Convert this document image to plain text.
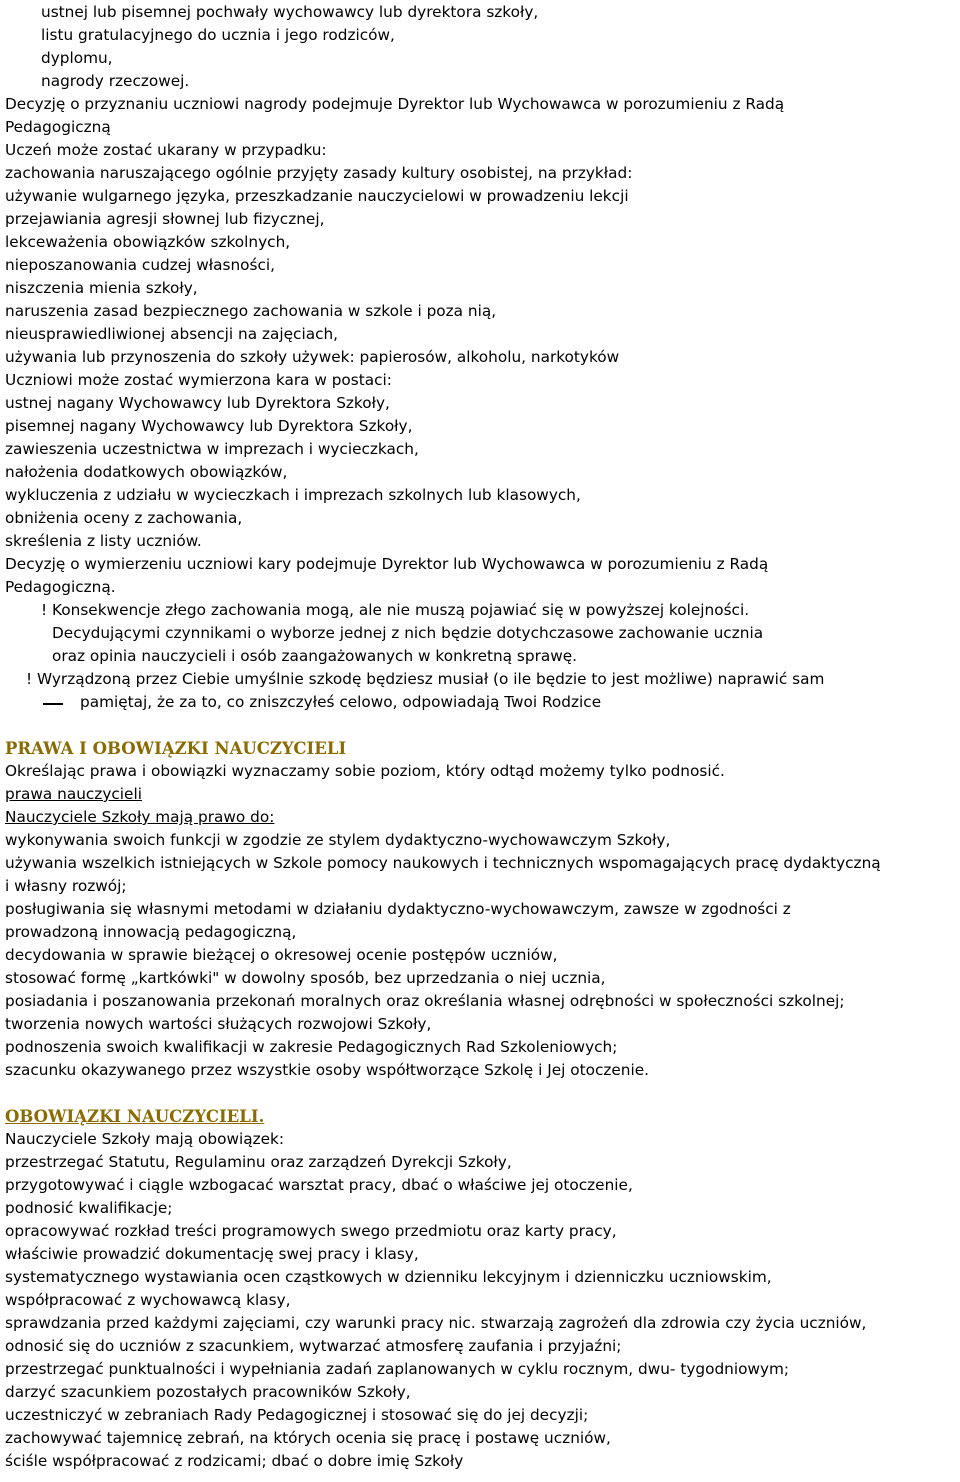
ustnej lub pisemnej pochwały wychowawcy lub dyrektora szkoły,
listu gratulacyjnego do ucznia i jego rodziców,
dyplomu,
nagrody rzeczowej.
Decyzję o przyznaniu uczniowi nagrody podejmuje Dyrektor lub Wychowawca w porozumieniu z Radą
Pedagogiczną
Uczeń może zostać ukarany w przypadku:
zachowania naruszającego ogólnie przyjęty zasady kultury osobistej, na przykład:
używanie wulgarnego języka, przeszkadzanie nauczycielowi w prowadzeniu lekcji
przejawiania agresji słownej lub fizycznej,
lekceważenia obowiązków szkolnych,
nieposzanowania cudzej własności,
niszczenia mienia szkoły,
naruszenia zasad bezpiecznego zachowania w szkole i poza nią,
nieusprawiedliwionej absencji na zajęciach,
używania lub przynoszenia do szkoły używek: papierosów, alkoholu, narkotyków
Uczniowi może zostać wymierzona kara w postaci:
ustnej nagany Wychowawcy lub Dyrektora Szkoły,
pisemnej nagany Wychowawcy lub Dyrektora Szkoły,
zawieszenia uczestnictwa w imprezach i wycieczkach,
nałożenia dodatkowych obowiązków,
wykluczenia z udziału w wycieczkach i imprezach szkolnych lub klasowych,
obniżenia oceny z zachowania,
skreślenia z listy uczniów.
Decyzję o wymierzeniu uczniowi kary podejmuje Dyrektor lub Wychowawca w porozumieniu z Radą
Pedagogiczną.
! Konsekwencje złego zachowania mogą, ale nie muszą pojawiać się w powyższej kolejności.
Decydującymi czynnikami o wyborze jednej z nich będzie dotychczasowe zachowanie ucznia
oraz opinia nauczycieli i osób zaangażowanych w konkretną sprawę.
! Wyrządzoną przez Ciebie umyślnie szkodę będziesz musiał (o ile będzie to jest możliwe) naprawić sam
pamiętaj, że za to, co zniszczyłeś celowo, odpowiadają Twoi Rodzice
PRAWA I OBOWIĄZKI NAUCZYCIELI
Określając prawa i obowiązki wyznaczamy sobie poziom, który odtąd możemy tylko podnosić.
prawa nauczycieli
Nauczyciele Szkoły mają prawo do:
wykonywania swoich funkcji w zgodzie ze stylem dydaktyczno-wychowawczym Szkoły,
używania wszelkich istniejących w Szkole pomocy naukowych i technicznych wspomagających pracę dydaktyczną
i własny rozwój;
posługiwania się własnymi metodami w działaniu dydaktyczno-wychowawczym, zawsze w zgodności z
prowadzoną innowacją pedagogiczną,
decydowania w sprawie bieżącej o okresowej ocenie postępów uczniów,
stosować formę „kartkówki" w dowolny sposób, bez uprzedzania o niej ucznia,
posiadania i poszanowania przekonań moralnych oraz określania własnej odrębności w społeczności szkolnej;
tworzenia nowych wartości służących rozwojowi Szkoły,
podnoszenia swoich kwalifikacji w zakresie Pedagogicznych Rad Szkoleniowych;
szacunku okazywanego przez wszystkie osoby współtworzące Szkolę i Jej otoczenie.
OBOWIĄZKI NAUCZYCIELI.
Nauczyciele Szkoły mają obowiązek:
przestrzegać Statutu, Regulaminu oraz zarządzeń Dyrekcji Szkoły,
przygotowywać i ciągle wzbogacać warsztat pracy, dbać o właściwe jej otoczenie,
podnosić kwalifikacje;
opracowywać rozkład treści programowych swego przedmiotu oraz karty pracy,
właściwie prowadzić dokumentację swej pracy i klasy,
systematycznego wystawiania ocen cząstkowych w dzienniku lekcyjnym i dzienniczku uczniowskim,
współpracować z wychowawcą klasy,
sprawdzania przed każdymi zajęciami, czy warunki pracy nic. stwarzają zagrożeń dla zdrowia czy życia uczniów,
odnosić się do uczniów z szacunkiem, wytwarzać atmosferę zaufania i przyjaźni;
przestrzegać punktualności i wypełniania zadań zaplanowanych w cyklu rocznym, dwu- tygodniowym;
darzyć szacunkiem pozostałych pracowników Szkoły,
uczestniczyć w zebraniach Rady Pedagogicznej i stosować się do jej decyzji;
zachowywać tajemnicę zebrań, na których ocenia się pracę i postawę uczniów,
ściśle współpracować z rodzicami; dbać o dobre imię Szkoły
